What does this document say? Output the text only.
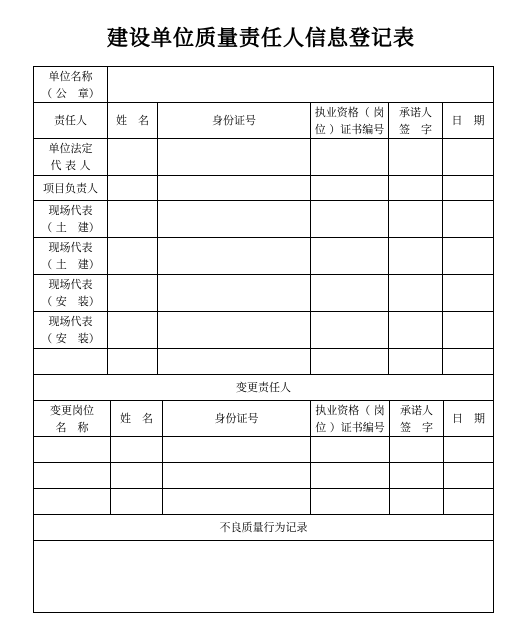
建设单位质量责任人信息登记表
单位名称
（ 公　章）					
责任人	姓　名	身份证号	执业资格（ 岗
位 ）证书编号	承诺人
签　字	日　期
单位法定
代 表 人					
项目负责人					
现场代表
（ 土　建）					
现场代表
（ 土　建）					
现场代表
（ 安　装）					
现场代表
（ 安　装）					

变更责任人					
变更岗位
名　称	姓　名	身份证号	执业资格（ 岗
位 ）证书编号	承诺人
签　字	日　期

不良质量行为记录					
